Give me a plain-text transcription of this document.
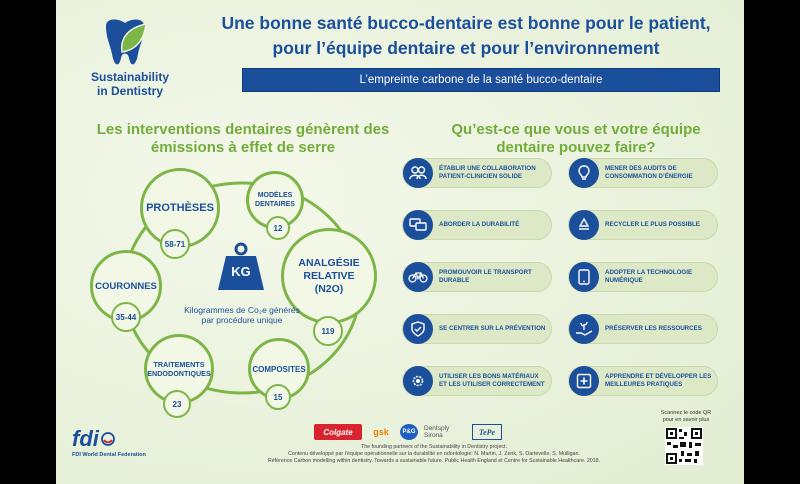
Sustainability
in Dentistry
Une bonne santé bucco-dentaire est bonne pour le patient,
pour l’équipe dentaire et pour l’environnement
L’empreinte carbone de la santé bucco-dentaire
Les interventions dentaires génèrent des
émissions à effet de serre
Qu’est-ce que vous et votre équipe
dentaire pouvez faire?
PROTHÈSES
58-71
MODÈLES DENTAIRES
12
COURONNES
35-44
ANALGÉSIE RELATIVE (N2O)
119
TRAITEMENTS ENDODONTIQUES
23
COMPOSITES
15
KG
Kilogrammes de Co₂e générés
par procédure unique
ÉTABLIR UNE COLLABORATION PATIENT-CLINICIEN SOLIDE
MENER DES AUDITS DE CONSOMMATION D’ÉNERGIE
ABORDER LA DURABILITÉ	RECYCLER LE PLUS POSSIBLE
PROMOUVOIR LE TRANSPORT DURABLE
ADOPTER LA TECHNOLOGIE NUMÉRIQUE
SE CENTRER SUR LA PRÉVENTION	PRÉSERVER LES RESSOURCES
UTILISER LES BONS MATÉRIAUX ET LES UTILISER CORRECTEMENT
APPRENDRE ET DÉVELOPPER LES MEILLEURES PRATIQUES
Colgate	gsk	P&G	Dentsply Sirona	TePe
The founding partners of the Sustainability in Dentistry project.
Contenu développé par l’équipe opérationnelle sur la durabilité en odontologie: N. Martin, J. Zenk, S. Dartevelle, S. Mulligan.
Référence Carbon modelling within dentistry. Towards a sustainable future. Public Health England et Centre for Sustainable Healthcare. 2018.
fdi
FDI World Dental Federation
Scannez le code QR
pour en savoir plus
